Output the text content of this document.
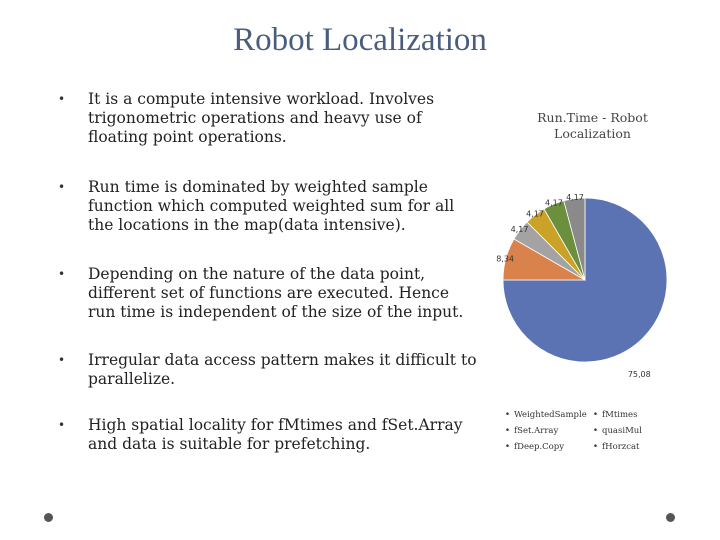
Robot Localization
• It is a compute intensive workload. Involves trigonometric operations and heavy use of floating point operations.
• Run time is dominated by weighted sample function which computed weighted sum for all the locations in the map(data intensive).
• Depending on the nature of the data point, different set of functions are executed. Hence run time is independent of the size of the input.
• Irregular data access pattern makes it difficult to parallelize.
• High spatial locality for fMtimes and fSet.Array and data is suitable for prefetching.
Run.Time - Robot Localization
75,08
8,34
4,17
4,17
4,17
4,17
• WeightedSample • fMtimes
• fSet.Array	• quasiMul
• fDeep.Copy	• fHorzcat
